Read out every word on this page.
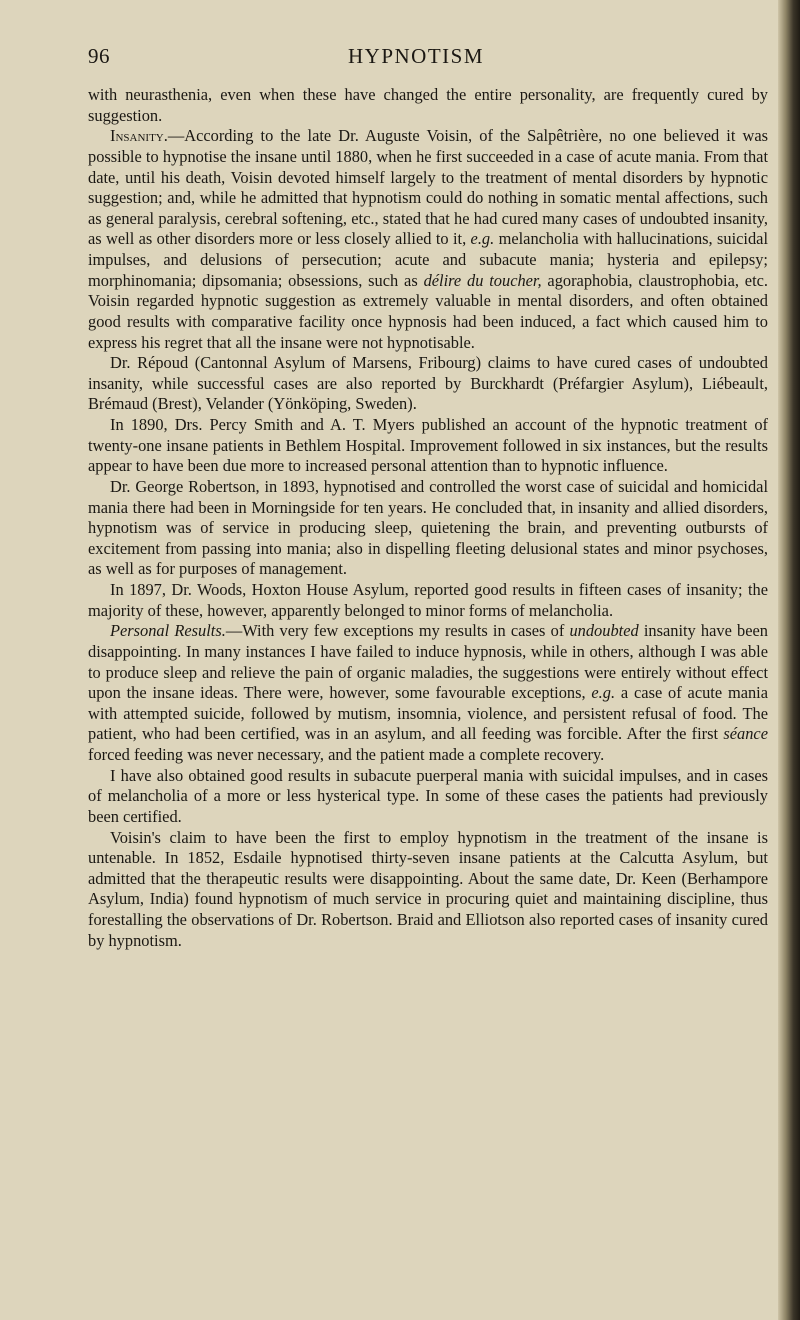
96	HYPNOTISM

with neurasthenia, even when these have changed the entire personality, are frequently cured by suggestion.

Insanity.—According to the late Dr. Auguste Voisin, of the Salpêtrière, no one believed it was possible to hypnotise the insane until 1880, when he first succeeded in a case of acute mania. From that date, until his death, Voisin devoted himself largely to the treatment of mental disorders by hypnotic suggestion; and, while he admitted that hypnotism could do nothing in somatic mental affections, such as general paralysis, cerebral softening, etc., stated that he had cured many cases of undoubted insanity, as well as other disorders more or less closely allied to it, e.g. melancholia with hallucinations, suicidal impulses, and delusions of persecution; acute and subacute mania; hysteria and epilepsy; morphinomania; dipsomania; obsessions, such as délire du toucher, agoraphobia, claustrophobia, etc. Voisin regarded hypnotic suggestion as extremely valuable in mental disorders, and often obtained good results with comparative facility once hypnosis had been induced, a fact which caused him to express his regret that all the insane were not hypnotisable.

Dr. Répoud (Cantonnal Asylum of Marsens, Fribourg) claims to have cured cases of undoubted insanity, while successful cases are also reported by Burckhardt (Préfargier Asylum), Liébeault, Brémaud (Brest), Velander (Yönköping, Sweden).

In 1890, Drs. Percy Smith and A. T. Myers published an account of the hypnotic treatment of twenty-one insane patients in Bethlem Hospital. Improvement followed in six instances, but the results appear to have been due more to increased personal attention than to hypnotic influence.

Dr. George Robertson, in 1893, hypnotised and controlled the worst case of suicidal and homicidal mania there had been in Morningside for ten years. He concluded that, in insanity and allied disorders, hypnotism was of service in producing sleep, quietening the brain, and preventing outbursts of excitement from passing into mania; also in dispelling fleeting delusional states and minor psychoses, as well as for purposes of management.

In 1897, Dr. Woods, Hoxton House Asylum, reported good results in fifteen cases of insanity; the majority of these, however, apparently belonged to minor forms of melancholia.

Personal Results.—With very few exceptions my results in cases of undoubted insanity have been disappointing. In many instances I have failed to induce hypnosis, while in others, although I was able to produce sleep and relieve the pain of organic maladies, the suggestions were entirely without effect upon the insane ideas. There were, however, some favourable exceptions, e.g. a case of acute mania with attempted suicide, followed by mutism, insomnia, violence, and persistent refusal of food. The patient, who had been certified, was in an asylum, and all feeding was forcible. After the first séance forced feeding was never necessary, and the patient made a complete recovery.

I have also obtained good results in subacute puerperal mania with suicidal impulses, and in cases of melancholia of a more or less hysterical type. In some of these cases the patients had previously been certified.

Voisin's claim to have been the first to employ hypnotism in the treatment of the insane is untenable. In 1852, Esdaile hypnotised thirty-seven insane patients at the Calcutta Asylum, but admitted that the therapeutic results were disappointing. About the same date, Dr. Keen (Berhampore Asylum, India) found hypnotism of much service in procuring quiet and maintaining discipline, thus forestalling the observations of Dr. Robertson. Braid and Elliotson also reported cases of insanity cured by hypnotism.
